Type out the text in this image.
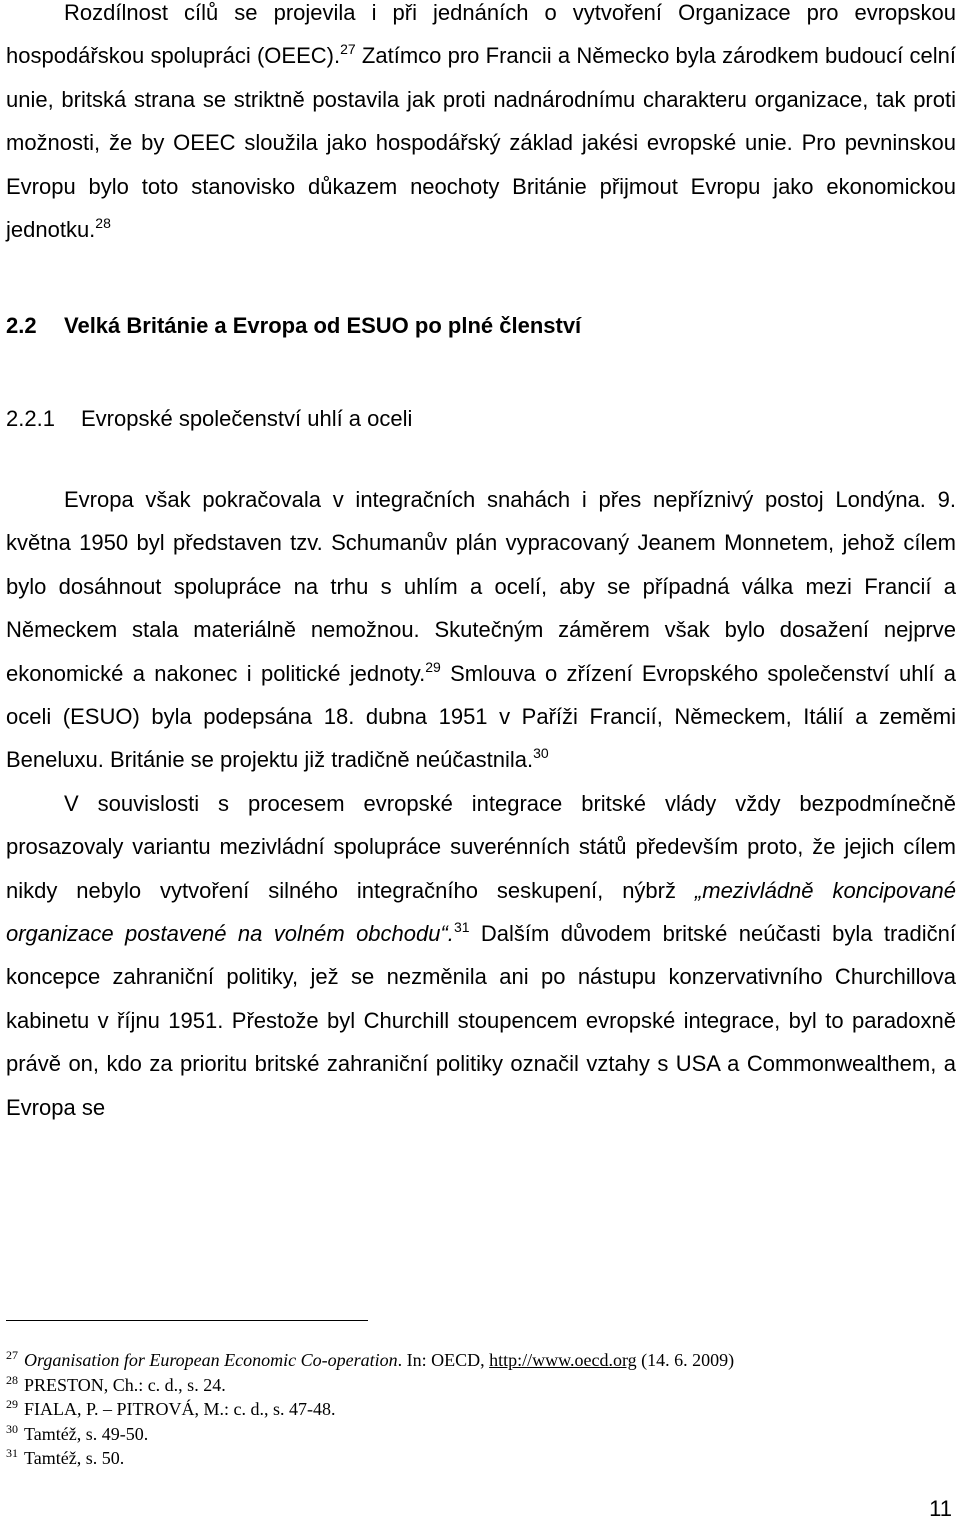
Rozdílnost cílů se projevila i při jednáních o vytvoření Organizace pro evropskou hospodářskou spolupráci (OEEC).$^{27}$ Zatímco pro Francii a Německo byla zárodkem budoucí celní unie, britská strana se striktně postavila jak proti nadnárodnímu charakteru organizace, tak proti možnosti, že by OEEC sloužila jako hospodářský základ jakési evropské unie. Pro pevninskou Evropu bylo toto stanovisko důkazem neochoty Británie přijmout Evropu jako ekonomickou jednotku.$^{28}$

2.2 Velká Británie a Evropa od ESUO po plné členství
2.2.1 Evropské společenství uhlí a oceli

Evropa však pokračovala v integračních snahách i přes nepříznivý postoj Londýna. 9. května 1950 byl představen tzv. Schumanův plán vypracovaný Jeanem Monnetem, jehož cílem bylo dosáhnout spolupráce na trhu s uhlím a ocelí, aby se případná válka mezi Francií a Německem stala materiálně nemožnou. Skutečným záměrem však bylo dosažení nejprve ekonomické a nakonec i politické jednoty.$^{29}$ Smlouva o zřízení Evropského společenství uhlí a oceli (ESUO) byla podepsána 18. dubna 1951 v Paříži Francií, Německem, Itálií a zeměmi Beneluxu. Británie se projektu již tradičně neúčastnila.$^{30}$

V souvislosti s procesem evropské integrace britské vlády vždy bezpodmínečně prosazovaly variantu mezivládní spolupráce suverénních států především proto, že jejich cílem nikdy nebylo vytvoření silného integračního seskupení, nýbrž „mezivládně koncipované organizace postavené na volném obchodu“.$^{31}$ Dalším důvodem britské neúčasti byla tradiční koncepce zahraniční politiky, jež se nezměnila ani po nástupu konzervativního Churchillova kabinetu v říjnu 1951. Přestože byl Churchill stoupencem evropské integrace, byl to paradoxně právě on, kdo za prioritu britské zahraniční politiky označil vztahy s USA a Commonwealthem, a Evropa se

$^{27}$ Organisation for European Economic Co-operation. In: OECD, http://www.oecd.org (14. 6. 2009)
$^{28}$ PRESTON, Ch.: c. d., s. 24.
$^{29}$ FIALA, P. – PITROVÁ, M.: c. d., s. 47-48.
$^{30}$ Tamtéž, s. 49-50.
$^{31}$ Tamtéž, s. 50.
11
